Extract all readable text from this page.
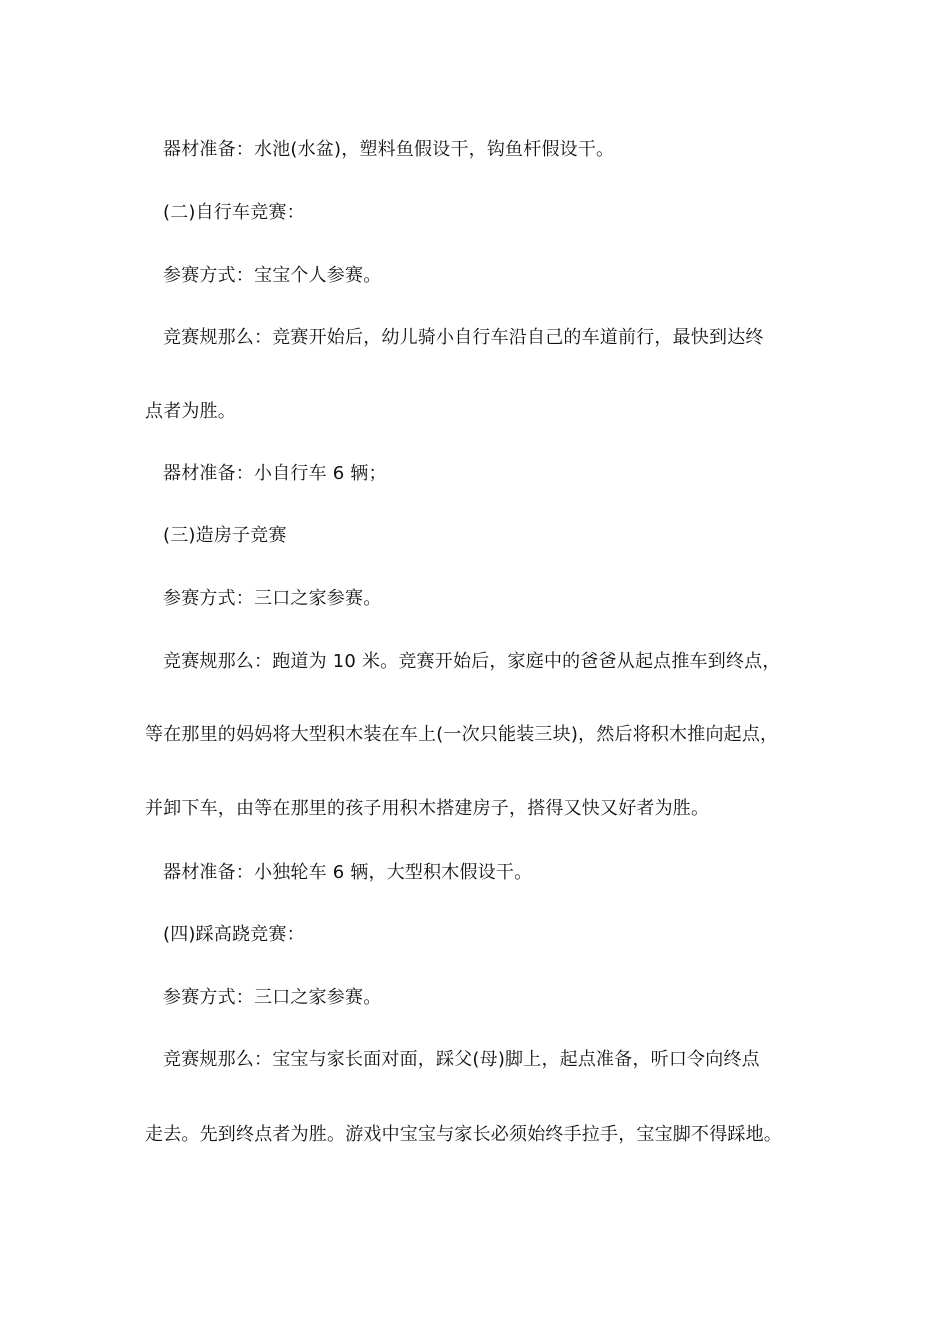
器材准备：水池(水盆)，塑料鱼假设干，钩鱼杆假设干。

(二)自行车竞赛：

参赛方式：宝宝个人参赛。

竞赛规那么：竞赛开始后，幼儿骑小自行车沿自己的车道前行，最快到达终

点者为胜。

器材准备：小自行车 6 辆；

(三)造房子竞赛

参赛方式：三口之家参赛。

竞赛规那么：跑道为 10 米。竞赛开始后，家庭中的爸爸从起点推车到终点，

等在那里的妈妈将大型积木装在车上(一次只能装三块)，然后将积木推向起点，

并卸下车，由等在那里的孩子用积木搭建房子，搭得又快又好者为胜。

器材准备：小独轮车 6 辆，大型积木假设干。

(四)踩高跷竞赛：

参赛方式：三口之家参赛。

竞赛规那么：宝宝与家长面对面，踩父(母)脚上，起点准备，听口令向终点

走去。先到终点者为胜。游戏中宝宝与家长必须始终手拉手，宝宝脚不得踩地。
